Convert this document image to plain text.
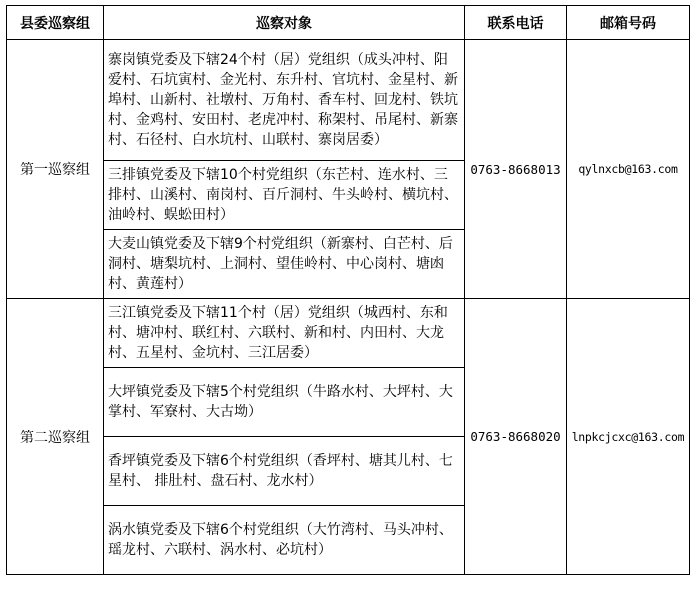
县委巡察组	巡察对象	联系电话	邮箱号码
第一巡察组	寨岗镇党委及下辖24个村（居）党组织（成头冲村、阳爱村、石坑寅村、金光村、东升村、官坑村、金星村、新埠村、山新村、社墩村、万角村、香车村、回龙村、铁坑村、金鸡村、安田村、老虎冲村、称架村、吊尾村、新寨村、石径村、白水坑村、山联村、寨岗居委）	0763-8668013	qylnxcb@163.com
	三排镇党委及下辖10个村党组织（东芒村、连水村、三排村、山溪村、南岗村、百斤洞村、牛头岭村、横坑村、油岭村、蜈蚣田村）		
	大麦山镇党委及下辖9个村党组织（新寨村、白芒村、后洞村、塘梨坑村、上洞村、望佳岭村、中心岗村、塘凼村、黄莲村）		
第二巡察组	三江镇党委及下辖11个村（居）党组织（城西村、东和村、塘冲村、联红村、六联村、新和村、内田村、大龙村、五星村、金坑村、三江居委）	0763-8668020	lnpkcjcxc@163.com
	大坪镇党委及下辖5个村党组织（牛路水村、大坪村、大掌村、军寮村、大古坳）		
	香坪镇党委及下辖6个村党组织（香坪村、塘其儿村、七星村、 排肚村、盘石村、龙水村）		
	涡水镇党委及下辖6个村党组织（大竹湾村、马头冲村、瑶龙村、六联村、涡水村、必坑村）		
